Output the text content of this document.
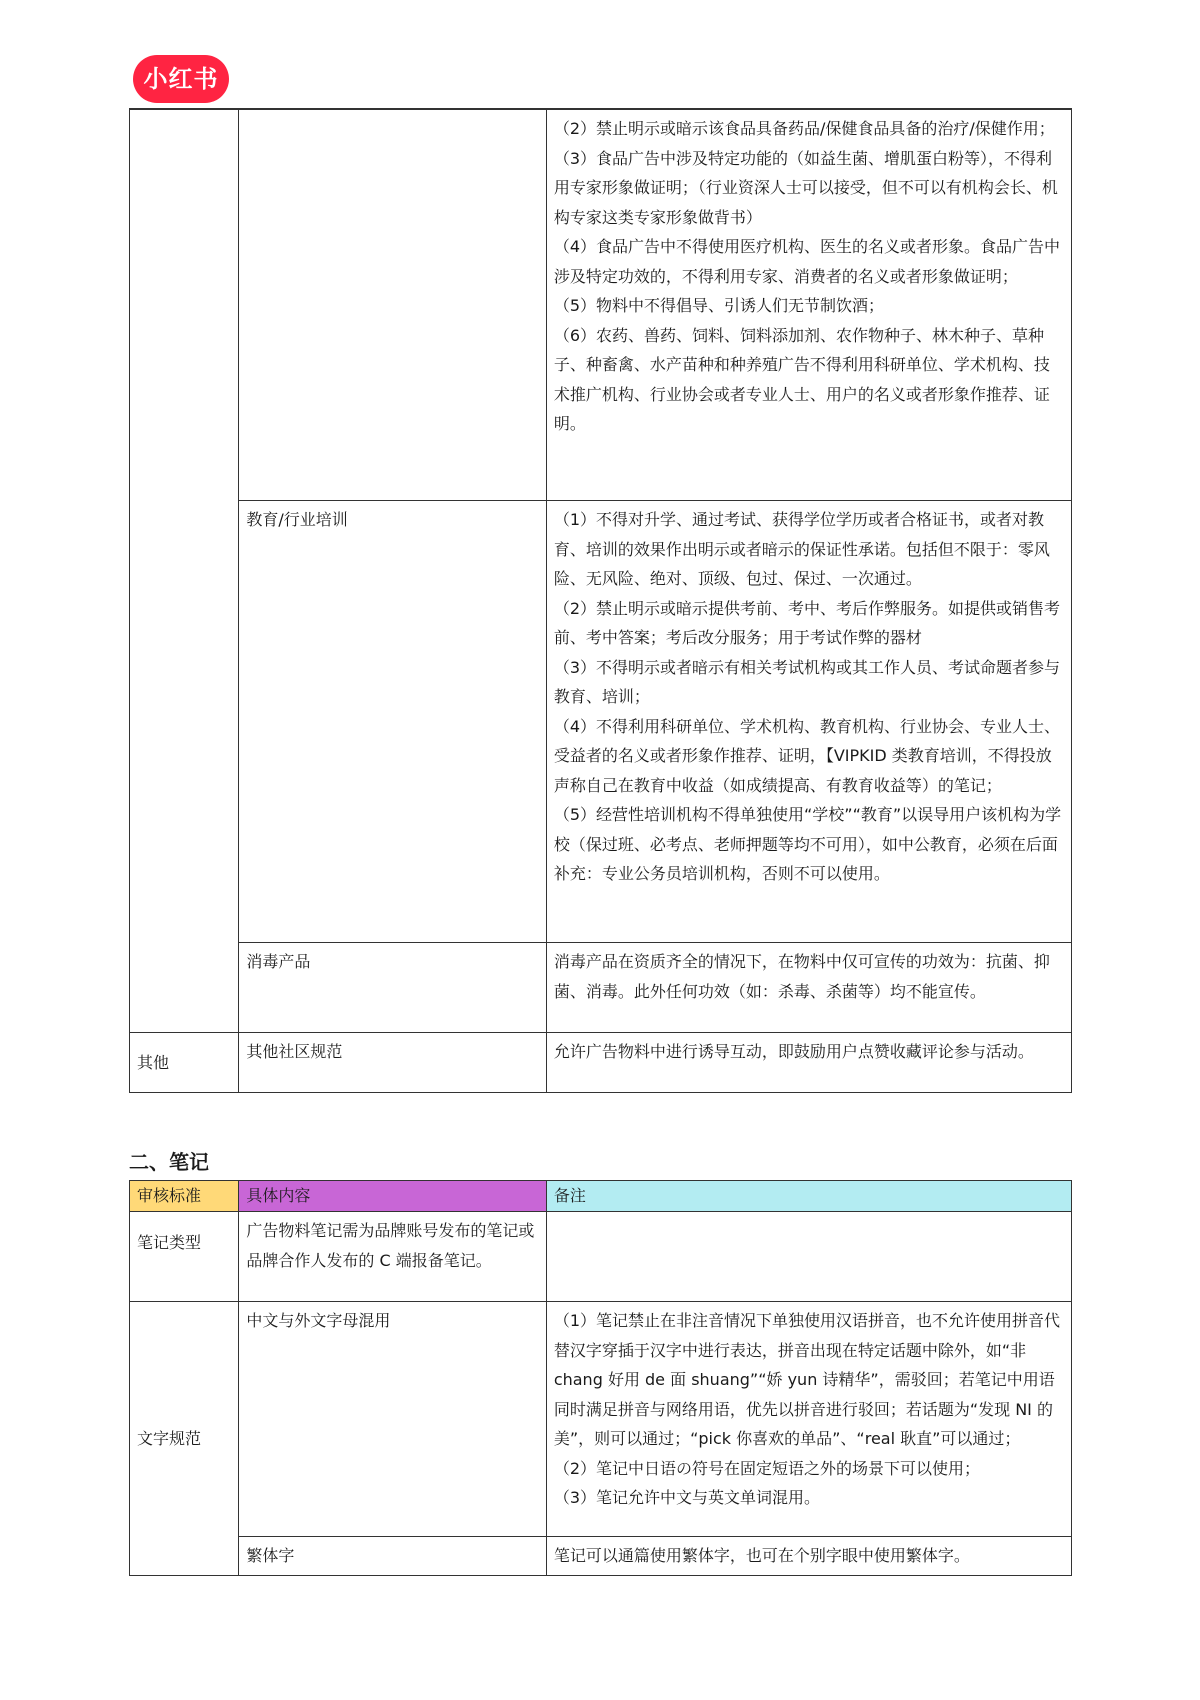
小红书

		（2）禁止明示或暗示该食品具备药品/保健食品具备的治疗/保健作用；

（3）食品广告中涉及特定功能的（如益生菌、增肌蛋白粉等），不得利用专家形象做证明；（行业资深人士可以接受，但不可以有机构会长、机构专家这类专家形象做背书）

（4）食品广告中不得使用医疗机构、医生的名义或者形象。食品广告中涉及特定功效的，不得利用专家、消费者的名义或者形象做证明；

（5）物料中不得倡导、引诱人们无节制饮酒；

（6）农药、兽药、饲料、饲料添加剂、农作物种子、林木种子、草种子、种畜禽、水产苗种和种养殖广告不得利用科研单位、学术机构、技术推广机构、行业协会或者专业人士、用户的名义或者形象作推荐、证明。

	教育/行业培训	（1）不得对升学、通过考试、获得学位学历或者合格证书，或者对教育、培训的效果作出明示或者暗示的保证性承诺。包括但不限于：零风险、无风险、绝对、顶级、包过、保过、一次通过。

（2）禁止明示或暗示提供考前、考中、考后作弊服务。如提供或销售考前、考中答案；考后改分服务；用于考试作弊的器材

（3）不得明示或者暗示有相关考试机构或其工作人员、考试命题者参与教育、培训；

（4）不得利用科研单位、学术机构、教育机构、行业协会、专业人士、受益者的名义或者形象作推荐、证明，【VIPKID 类教育培训，不得投放声称自己在教育中收益（如成绩提高、有教育收益等）的笔记；

（5）经营性培训机构不得单独使用“学校”“教育”以误导用户该机构为学校（保过班、必考点、老师押题等均不可用），如中公教育，必须在后面补充：专业公务员培训机构，否则不可以使用。

	消毒产品	消毒产品在资质齐全的情况下，在物料中仅可宣传的功效为：抗菌、抑菌、消毒。此外任何功效（如：杀毒、杀菌等）均不能宣传。
其他	其他社区规范	允许广告物料中进行诱导互动，即鼓励用户点赞收藏评论参与活动。
二、笔记
审核标准	具体内容	备注
笔记类型	广告物料笔记需为品牌账号发布的笔记或品牌合作人发布的 C 端报备笔记。	
文字规范	中文与外文字母混用	（1）笔记禁止在非注音情况下单独使用汉语拼音，也不允许使用拼音代替汉字穿插于汉字中进行表达，拼音出现在特定话题中除外，如“非 chang 好用 de 面 shuang”“娇 yun 诗精华”，需驳回；若笔记中用语同时满足拼音与网络用语，优先以拼音进行驳回；若话题为“发现 NI 的美”，则可以通过；“pick 你喜欢的单品”、“real 耿直”可以通过；

（2）笔记中日语の符号在固定短语之外的场景下可以使用；

（3）笔记允许中文与英文单词混用。

	繁体字	笔记可以通篇使用繁体字，也可在个别字眼中使用繁体字。
